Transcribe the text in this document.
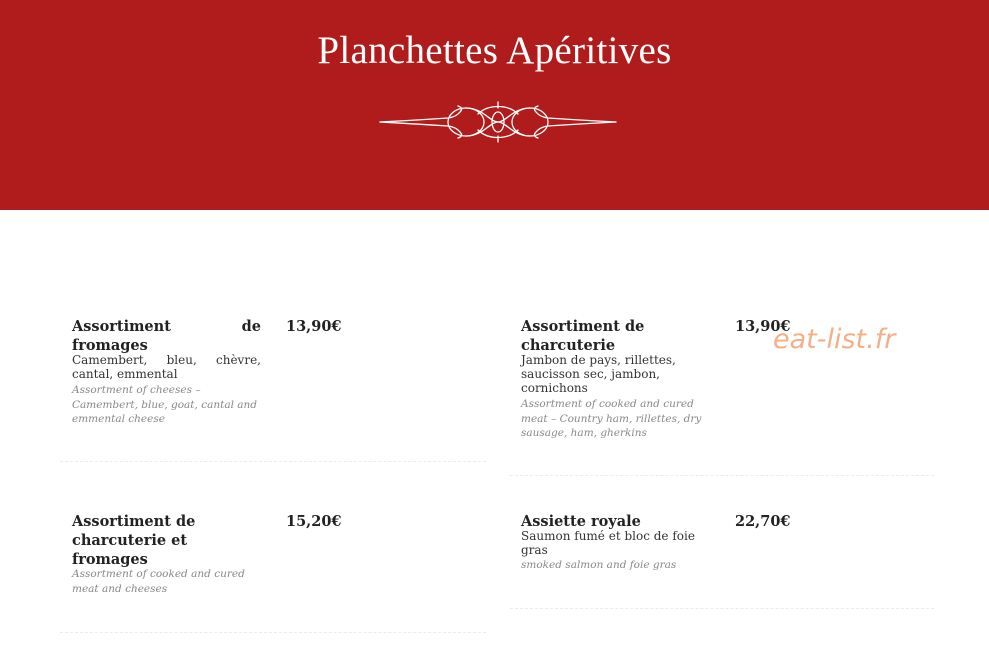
Planchettes Apéritives
Assortiment de fromages
13,90€
Camembert, bleu, chèvre, cantal, emmental
Assortment of cheeses – Camembert, blue, goat, cantal and emmental cheese
Assortiment de charcuterie
13,90€
Jambon de pays, rillettes, saucisson sec, jambon, cornichons
Assortment of cooked and cured meat – Country ham, rillettes, dry sausage, ham, gherkins
Assortiment de charcuterie et fromages
15,20€
Assortment of cooked and cured meat and cheeses
Assiette royale	22,70€
Saumon fumé et bloc de foie gras
smoked salmon and foie gras
eat-list.fr
